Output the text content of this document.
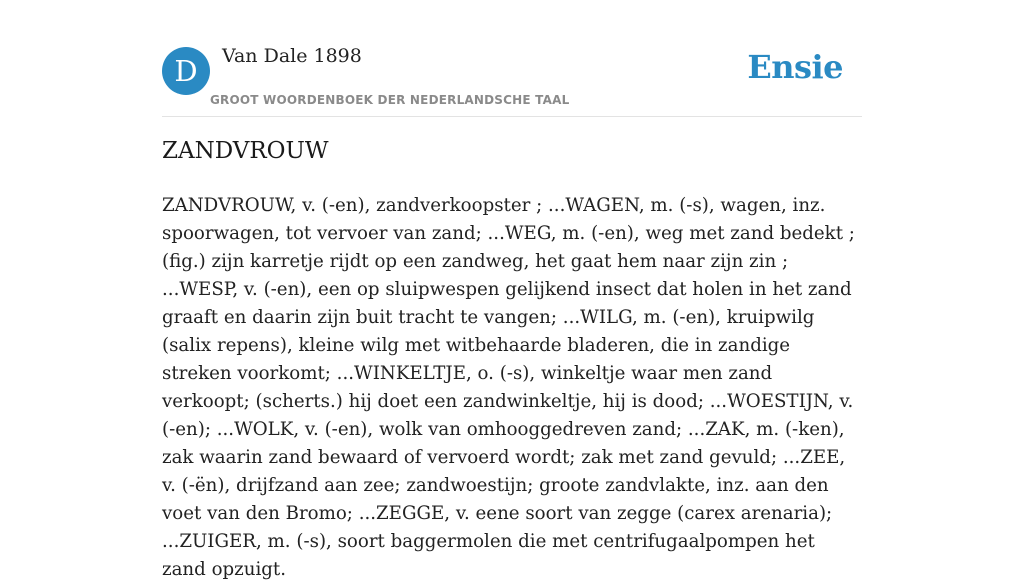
D	Van Dale 1898
GROOT WOORDENBOEK DER NEDERLANDSCHE TAAL
Ensie
ZANDVROUW

ZANDVROUW, v. (-en), zandverkoopster ; ...WAGEN, m. (-s), wagen, inz. spoorwagen, tot vervoer van zand; ...WEG, m. (-en), weg met zand bedekt ; (fig.) zijn karretje rijdt op een zandweg, het gaat hem naar zijn zin ; ...WESP, v. (-en), een op sluipwespen gelijkend insect dat holen in het zand graaft en daarin zijn buit tracht te vangen; ...WILG, m. (-en), kruipwilg (salix repens), kleine wilg met witbehaarde bladeren, die in zandige streken voorkomt; ...WINKELTJE, o. (-s), winkeltje waar men zand verkoopt; (scherts.) hij doet een zandwinkeltje, hij is dood; ...WOESTIJN, v. (-en); ...WOLK, v. (-en), wolk van omhooggedreven zand; ...ZAK, m. (-ken), zak waarin zand bewaard of vervoerd wordt; zak met zand gevuld; ...ZEE, v. (-ën), drijfzand aan zee; zandwoestijn; groote zandvlakte, inz. aan den voet van den Bromo; ...ZEGGE, v. eene soort van zegge (carex arenaria); ...ZUIGER, m. (-s), soort baggermolen die met centrifugaalpompen het zand opzuigt.
